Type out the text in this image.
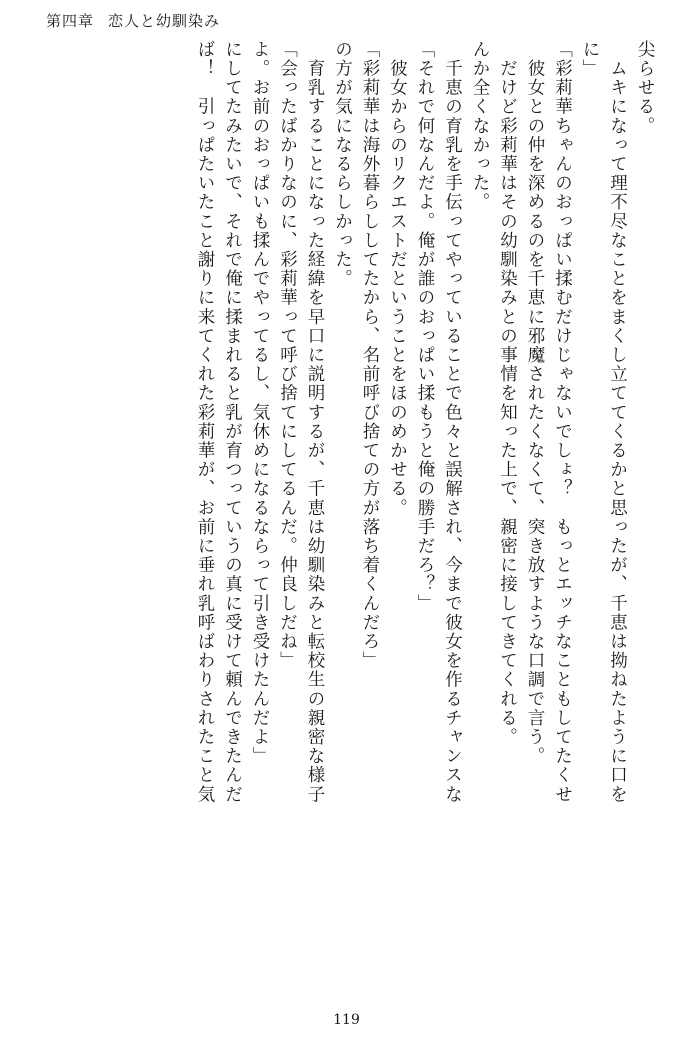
第四章 恋人と幼馴染み
ば！　引っぱたいたこと謝りに来てくれた彩莉華が、お前に垂れ乳呼ばわりされたこと気 にしてたみたいで、それで俺に揉まれると乳が育つっていうの真に受けて頼んできたんだ よ。お前のおっぱいも揉んでやってるし、気休めになるならって引き受けたんだよ」 「会ったばかりなのに、彩莉華って呼び捨てにしてるんだ。仲良しだね」 　育乳することになった経緯を早口に説明するが、千恵は幼馴染みと転校生の親密な様子 の方が気になるらしかった。 「彩莉華は海外暮らししてたから、名前呼び捨ての方が落ち着くんだろ」 　彼女からのリクエストだということをほのめかせる。 「それで何なんだよ。俺が誰のおっぱい揉もうと俺の勝手だろ？」 　千恵の育乳を手伝ってやっていることで色々と誤解され、今まで彼女を作るチャンスな んか全くなかった。 　だけど彩莉華はその幼馴染みとの事情を知った上で、親密に接してきてくれる。 　彼女との仲を深めるのを千恵に邪魔されたくなくて、突き放すような口調で言う。 「彩莉華ちゃんのおっぱい揉むだけじゃないでしょ？　もっとエッチなこともしてたくせ に」 　ムキになって理不尽なことをまくし立ててくるかと思ったが、千恵は拗ねたように口を 尖らせる。
119
